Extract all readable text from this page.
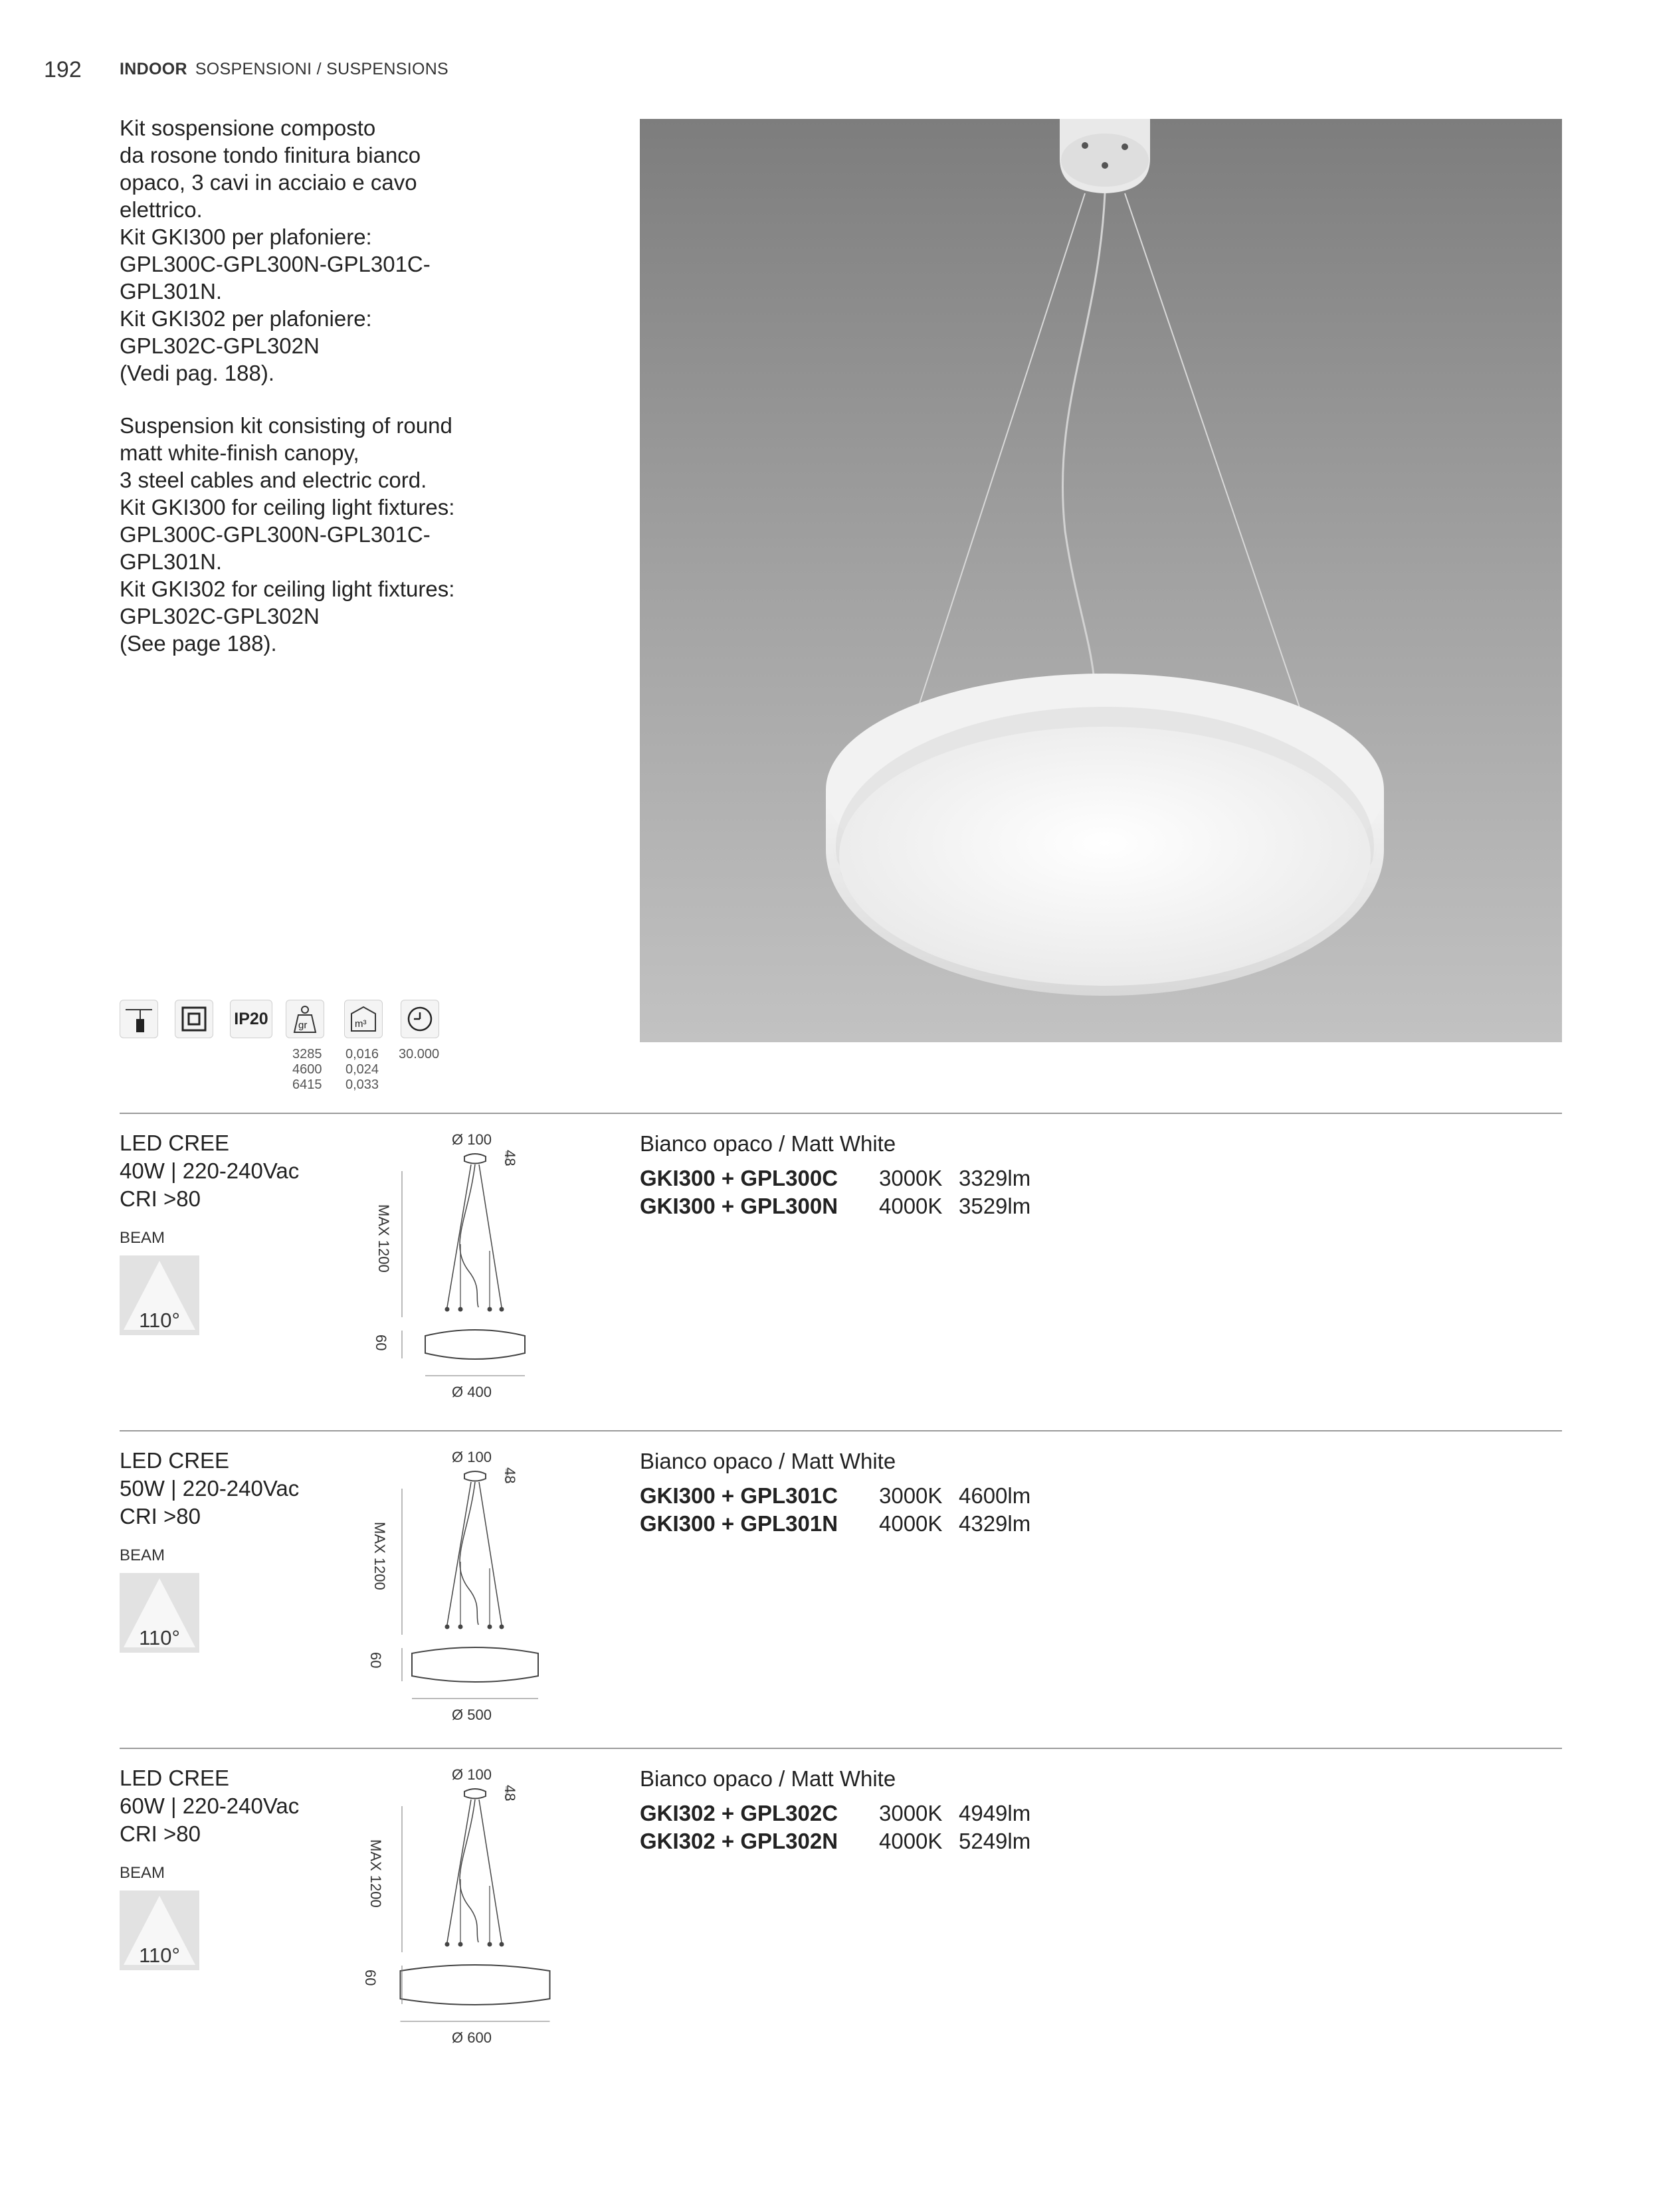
192 INDOOR SOSPENSIONI / SUSPENSIONS
Kit sospensione composto
da rosone tondo finitura bianco
opaco, 3 cavi in acciaio e cavo
elettrico.
Kit GKI300 per plafoniere:
GPL300C-GPL300N-GPL301C-
GPL301N.
Kit GKI302 per plafoniere:
GPL302C-GPL302N
(Vedi pag. 188).
Suspension kit consisting of round
matt white-finish canopy,
3 steel cables and electric cord.
Kit GKI300 for ceiling light fixtures:
GPL300C-GPL300N-GPL301C-
GPL301N.
Kit GKI302 for ceiling light fixtures:
GPL302C-GPL302N
(See page 188).
IP20	gr	m³
3285
4600
6415
0,016
0,024
0,033
30.000
LED CREE
40W | 220-240Vac
CRI >80
BEAM
110°
Ø 100
48
MAX 1200
60
Ø 400
Bianco opaco / Matt White
GKI300 + GPL300C 3000K 3329lm
GKI300 + GPL300N 4000K 3529lm
LED CREE
50W | 220-240Vac
CRI >80
BEAM
110°
Ø 100
48
MAX 1200
60
Ø 500
Bianco opaco / Matt White
GKI300 + GPL301C 3000K 4600lm
GKI300 + GPL301N 4000K 4329lm
LED CREE
60W | 220-240Vac
CRI >80
BEAM
110°
Ø 100
48
MAX 1200
60
Ø 600
Bianco opaco / Matt White
GKI302 + GPL302C 3000K 4949lm
GKI302 + GPL302N 4000K 5249lm
